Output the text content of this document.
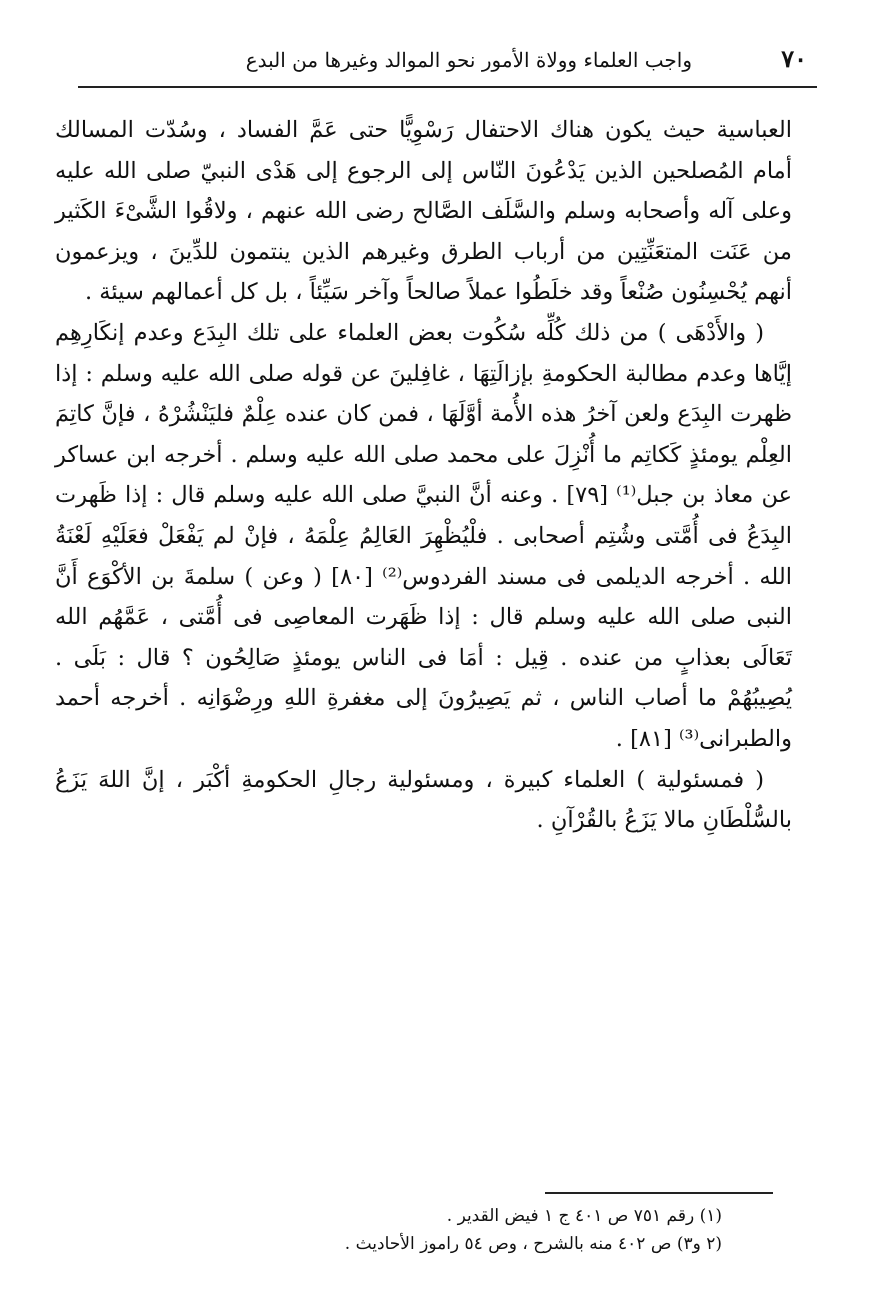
٧٠
واجب العلماء وولاة الأمور نحو الموالد وغيرها من البدع

العباسية حيث يكون هناك الاحتفال رَسْوِيًّا حتى عَمَّ الفساد ، وسُدّت المسالك أمام المُصلحين الذين يَدْعُونَ النّاس إلى الرجوع إلى هَدْى النبيّ صلى الله عليه وعلى آله وأصحابه وسلم والسَّلَف الصَّالح رضى الله عنهم ، ولاقُوا الشَّىْءَ الكَثير من عَنَت المتعَنِّتِين من أرباب الطرق وغيرهم الذين ينتمون للدِّينَ ، ويزعمون أنهم يُحْسِنُون صُنْعاً وقد خلَطُوا عملاً صالحاً وآخر سَيِّئاً ، بل كل أعمالهم سيئة .

( والأَدْهَى ) من ذلك كُلِّه سُكُوت بعض العلماء على تلك البِدَع وعدم إنكَارِهِم إيَّاها وعدم مطالبة الحكومةِ بإزالَتِهَا ، غافِلينَ عن قوله صلى الله عليه وسلم : إذا ظهرت البِدَع ولعن آخرُ هذه الأُمة أوَّلَهَا ، فمن كان عنده عِلْمٌ فليَنْشُرْهُ ، فإنَّ كاتِمَ العِلْم يومئذٍ كَكاتِم ما أُنْزِلَ على محمد صلى الله عليه وسلم . أخرجه ابن عساكر عن معاذ بن جبل⁽¹⁾ [٧٩] . وعنه أنَّ النبيَّ صلى الله عليه وسلم قال : إذا ظَهرت البِدَعُ فى أُمَّتى وشُتِم أصحابى . فلْيُظْهِرَ العَالِمُ عِلْمَهُ ، فإنْ لم يَفْعَلْ فعَلَيْهِ لَعْنَةُ الله . أخرجه الديلمى فى مسند الفردوس⁽²⁾ [٨٠] ( وعن ) سلمةَ بن الأكْوَع أَنَّ النبى صلى الله عليه وسلم قال : إذا ظَهَرت المعاصِى فى أُمَّتى ، عَمَّهُم الله تَعَالَى بعذابٍ من عنده . قِيل : أمَا فى الناس يومئذٍ صَالِحُون ؟ قال : بَلَى . يُصِيبُهُمْ ما أصاب الناس ، ثم يَصِيرُونَ إلى مغفرةِ اللهِ ورِضْوَانِه . أخرجه أحمد والطبرانى⁽³⁾ [٨١] .

( فمسئولية ) العلماء كبيرة ، ومسئولية رجالِ الحكومةِ أكْبَر ، إنَّ اللهَ يَزَعُ بالسُّلْطَانِ مالا يَزَعُ بالقُرْآنِ .

(١) رقم ٧٥١ ص ٤٠١ ج ١ فيض القدير .
(٢ و٣) ص ٤٠٢ منه بالشرح ، وص ٥٤ راموز الأحاديث .
